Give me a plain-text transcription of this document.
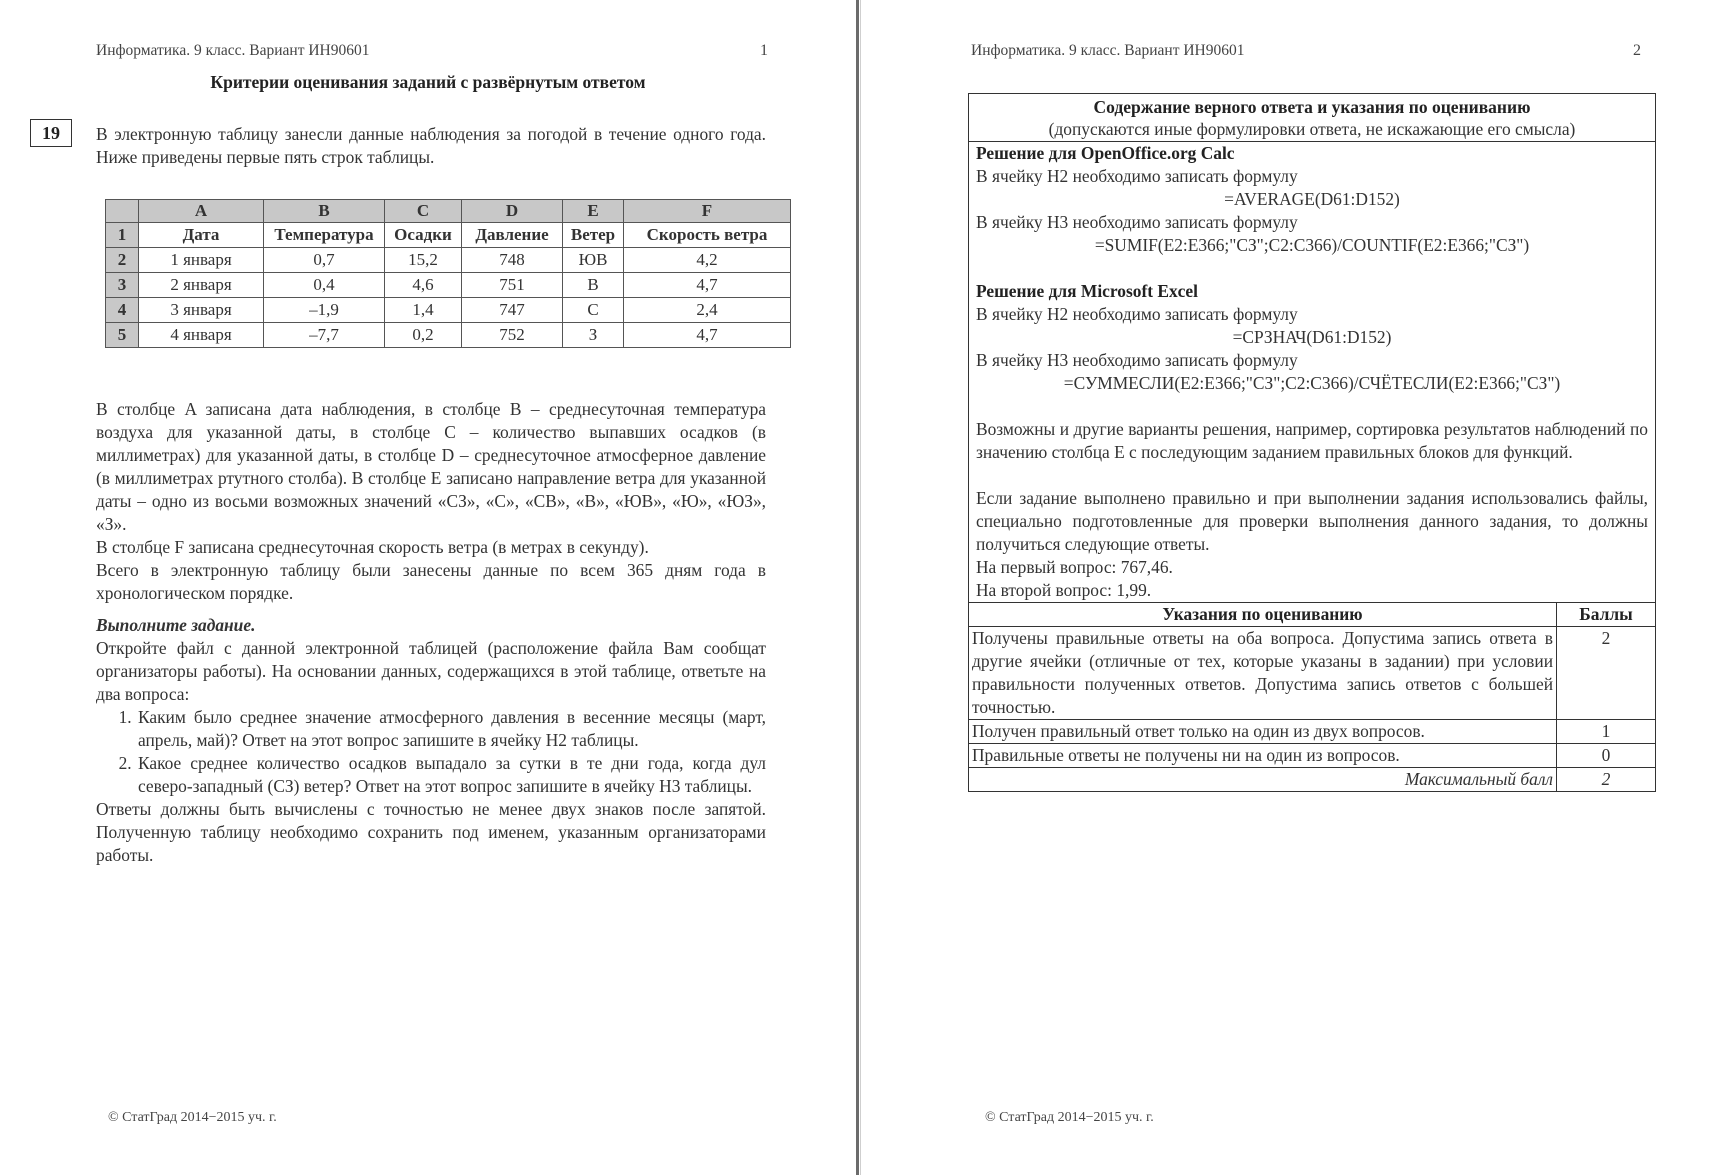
Информатика. 9 класс. Вариант ИН90601	1
Критерии оценивания заданий с развёрнутым ответом
19	В электронную таблицу занесли данные наблюдения за погодой в течение одного года. Ниже приведены первые пять строк таблицы.

	A	B	C	D	E	F
1	Дата	Температура	Осадки	Давление	Ветер	Скорость ветра
2	1 января	0,7	15,2	748	ЮВ	4,2
3	2 января	0,4	4,6	751	В	4,7
4	3 января	–1,9	1,4	747	С	2,4
5	4 января	–7,7	0,2	752	З	4,7

В столбце A записана дата наблюдения, в столбце B – среднесуточная температура воздуха для указанной даты, в столбце C – количество выпавших осадков (в миллиметрах) для указанной даты, в столбце D – среднесуточное атмосферное давление (в миллиметрах ртутного столба). В столбце E записано направление ветра для указанной даты – одно из восьми возможных значений «СЗ», «С», «СВ», «В», «ЮВ», «Ю», «ЮЗ», «З».

В столбце F записана среднесуточная скорость ветра (в метрах в секунду).

Всего в электронную таблицу были занесены данные по всем 365 дням года в хронологическом порядке.

Выполните задание.

Откройте файл с данной электронной таблицей (расположение файла Вам сообщат организаторы работы). На основании данных, содержащихся в этой таблице, ответьте на два вопроса:

1. Каким было среднее значение атмосферного давления в весенние месяцы (март, апрель, май)? Ответ на этот вопрос запишите в ячейку H2 таблицы.
2. Какое среднее количество осадков выпадало за сутки в те дни года, когда дул северо-западный (СЗ) ветер? Ответ на этот вопрос запишите в ячейку H3 таблицы.

Ответы должны быть вычислены с точностью не менее двух знаков после запятой. Полученную таблицу необходимо сохранить под именем, указанным организаторами работы.

© СтатГрад 2014−2015 уч. г.
Информатика. 9 класс. Вариант ИН90601	2
© СтатГрад 2014−2015 уч. г.
Содержание верного ответа и указания по оцениванию
(допускаются иные формулировки ответа, не искажающие его смысла)

Решение для OpenOffice.org Calc

В ячейку H2 необходимо записать формулу

=AVERAGE(D61:D152)

В ячейку H3 необходимо записать формулу

=SUMIF(E2:E366;"СЗ";C2:C366)/COUNTIF(E2:E366;"СЗ")

Решение для Microsoft Excel

В ячейку H2 необходимо записать формулу

=СРЗНАЧ(D61:D152)

В ячейку H3 необходимо записать формулу

=СУММЕСЛИ(E2:E366;"СЗ";C2:C366)/СЧЁТЕСЛИ(E2:E366;"СЗ")

Возможны и другие варианты решения, например, сортировка результатов наблюдений по значению столбца E с последующим заданием правильных блоков для функций.

Если задание выполнено правильно и при выполнении задания использовались файлы, специально подготовленные для проверки выполнения данного задания, то должны получиться следующие ответы.

На первый вопрос: 767,46.

На второй вопрос: 1,99.

Указания по оцениванию	Баллы
Получены правильные ответы на оба вопроса. Допустима запись ответа в другие ячейки (отличные от тех, которые указаны в задании) при условии правильности полученных ответов. Допустима запись ответов с большей точностью.	2
Получен правильный ответ только на один из двух вопросов.	1
Правильные ответы не получены ни на один из вопросов.	0
Максимальный балл	2
